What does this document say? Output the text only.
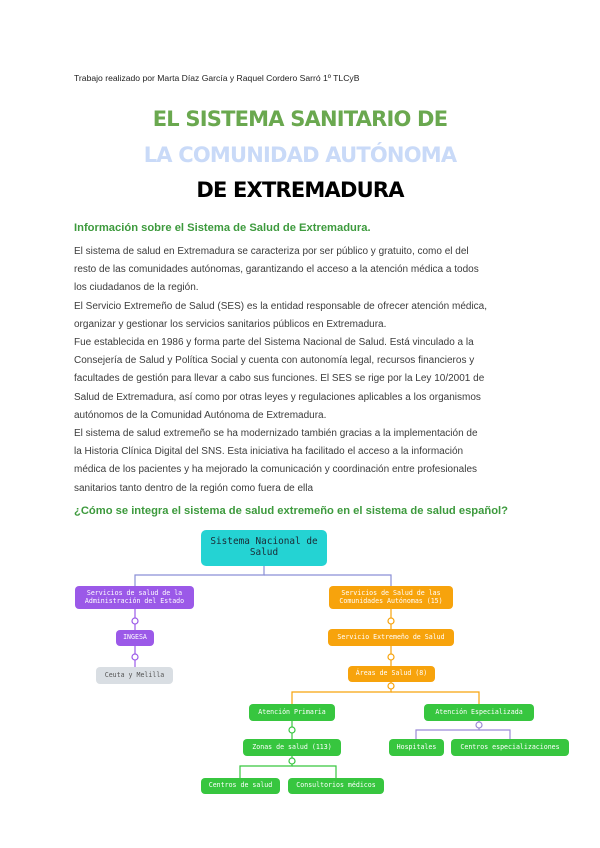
Trabajo realizado por Marta Díaz García y Raquel Cordero Sarró 1º TLCyB
EL SISTEMA SANITARIO DE
LA COMUNIDAD AUTÓNOMA
DE EXTREMADURA
Información sobre el Sistema de Salud de Extremadura.

El sistema de salud en Extremadura se caracteriza por ser público y gratuito, como el del

resto de las comunidades autónomas, garantizando el acceso a la atención médica a todos

los ciudadanos de la región.

El Servicio Extremeño de Salud (SES) es la entidad responsable de ofrecer atención médica,

organizar y gestionar los servicios sanitarios públicos en Extremadura.

Fue establecida en 1986 y forma parte del Sistema Nacional de Salud. Está vinculado a la

Consejería de Salud y Política Social y cuenta con autonomía legal, recursos financieros y

facultades de gestión para llevar a cabo sus funciones. El SES se rige por la Ley 10/2001 de

Salud de Extremadura, así como por otras leyes y regulaciones aplicables a los organismos

autónomos de la Comunidad Autónoma de Extremadura.

El sistema de salud extremeño se ha modernizado también gracias a la implementación de

la Historia Clínica Digital del SNS. Esta iniciativa ha facilitado el acceso a la información

médica de los pacientes y ha mejorado la comunicación y coordinación entre profesionales

sanitarios tanto dentro de la región como fuera de ella

¿Cómo se integra el sistema de salud extremeño en el sistema de salud español?
Sistema Nacional de Salud
Servicios de salud de la Administración del Estado
INGESA
Ceuta y Melilla
Servicios de Salud de las Comunidades Autónomas (15)
Servicio Extremeño de Salud
Áreas de Salud (8)
Atención Primaria
Zonas de salud (113)
Centros de salud	Consultorios médicos
Atención Especializada
Hospitales	Centros especializaciones
